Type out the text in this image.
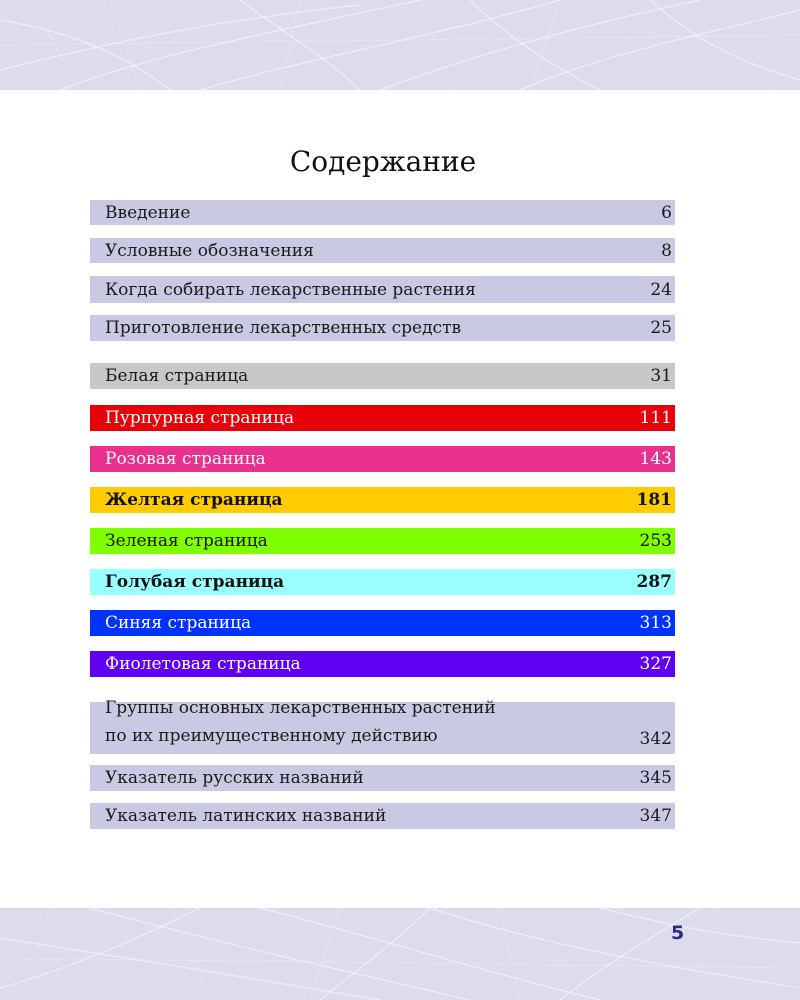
Содержание
Введение	6
Условные обозначения	8
Когда собирать лекарственные растения	24
Приготовление лекарственных средств	25
Белая страница	31
Пурпурная страница	111
Розовая страница	143
Желтая страница	181
Зеленая страница	253
Голубая страница	287
Синяя страница	313
Фиолетовая страница	327
Группы основных лекарственных растений
по их преимущественному действию	342
Указатель русских названий	345
Указатель латинских названий	347
5
